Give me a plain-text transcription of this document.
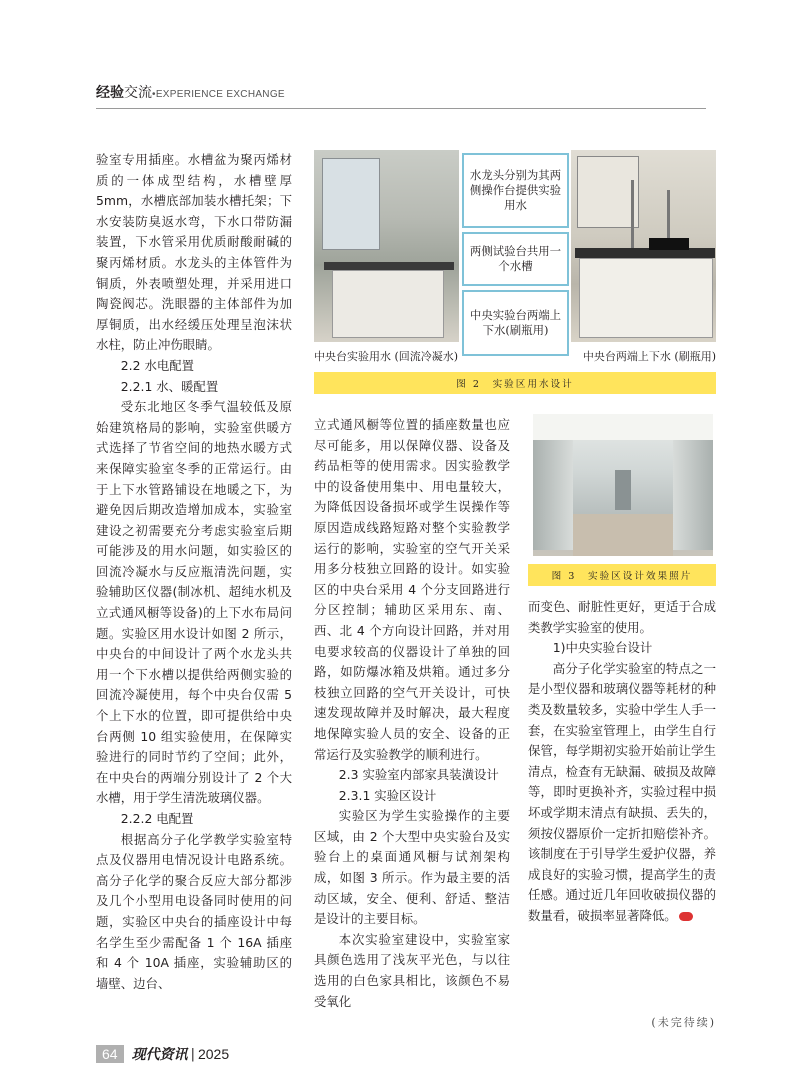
经验交流•EXPERIENCE EXCHANGE

验室专用插座。水槽盆为聚丙烯材质的一体成型结构，水槽壁厚 5mm，水槽底部加装水槽托架；下水安装防臭返水弯，下水口带防漏装置，下水管采用优质耐酸耐碱的聚丙烯材质。水龙头的主体管件为铜质，外表喷塑处理，并采用进口陶瓷阀芯。洗眼器的主体部件为加厚铜质，出水经缓压处理呈泡沫状水柱，防止冲伤眼睛。

2.2 水电配置

2.2.1 水、暖配置

受东北地区冬季气温较低及原始建筑格局的影响，实验室供暖方式选择了节省空间的地热水暖方式来保障实验室冬季的正常运行。由于上下水管路铺设在地暖之下，为避免因后期改造增加成本，实验室建设之初需要充分考虑实验室后期可能涉及的用水问题，如实验区的回流冷凝水与反应瓶清洗问题，实验辅助区仪器(制冰机、超纯水机及立式通风橱等设备)的上下水布局问题。实验区用水设计如图 2 所示，中央台的中间设计了两个水龙头共用一个下水槽以提供给两侧实验的回流冷凝使用，每个中央台仅需 5 个上下水的位置，即可提供给中央台两侧 10 组实验使用，在保障实验进行的同时节约了空间；此外，在中央台的两端分别设计了 2 个大水槽，用于学生清洗玻璃仪器。

2.2.2 电配置

根据高分子化学教学实验室特点及仪器用电情况设计电路系统。高分子化学的聚合反应大部分都涉及几个小型用电设备同时使用的问题，实验区中央台的插座设计中每名学生至少需配备 1 个 16A 插座和 4 个 10A 插座，实验辅助区的墙壁、边台、

水龙头分别为其两侧操作台提供实验用水
两侧试验台共用一个水槽
中央实验台两端上下水(刷瓶用)
中央台实验用水 (回流冷凝水)	中央台两端上下水 (刷瓶用)
图 2　实验区用水设计

立式通风橱等位置的插座数量也应尽可能多，用以保障仪器、设备及药品柜等的使用需求。因实验教学中的设备使用集中、用电量较大，为降低因设备损坏或学生误操作等原因造成线路短路对整个实验教学运行的影响，实验室的空气开关采用多分枝独立回路的设计。如实验区的中央台采用 4 个分支回路进行分区控制；辅助区采用东、南、西、北 4 个方向设计回路，并对用电要求较高的仪器设计了单独的回路，如防爆冰箱及烘箱。通过多分枝独立回路的空气开关设计，可快速发现故障并及时解决，最大程度地保障实验人员的安全、设备的正常运行及实验教学的顺利进行。

2.3 实验室内部家具装潢设计

2.3.1 实验区设计

实验区为学生实验操作的主要区域，由 2 个大型中央实验台及实验台上的桌面通风橱与试剂架构成，如图 3 所示。作为最主要的活动区域，安全、便利、舒适、整洁是设计的主要目标。

本次实验室建设中，实验室家具颜色选用了浅灰平光色，与以往选用的白色家具相比，该颜色不易受氧化

图 3　实验区设计效果照片

而变色、耐脏性更好，更适于合成类教学实验室的使用。

1)中央实验台设计

高分子化学实验室的特点之一是小型仪器和玻璃仪器等耗材的种类及数量较多，实验中学生人手一套，在实验室管理上，由学生自行保管，每学期初实验开始前让学生清点，检查有无缺漏、破损及故障等，即时更换补齐，实验过程中损坏或学期末清点有缺损、丢失的，须按仪器原价一定折扣赔偿补齐。该制度在于引导学生爱护仪器，养成良好的实验习惯，提高学生的责任感。通过近几年回收破损仪器的数量看，破损率显著降低。

(未完待续)
64	现代资讯 | 2025
